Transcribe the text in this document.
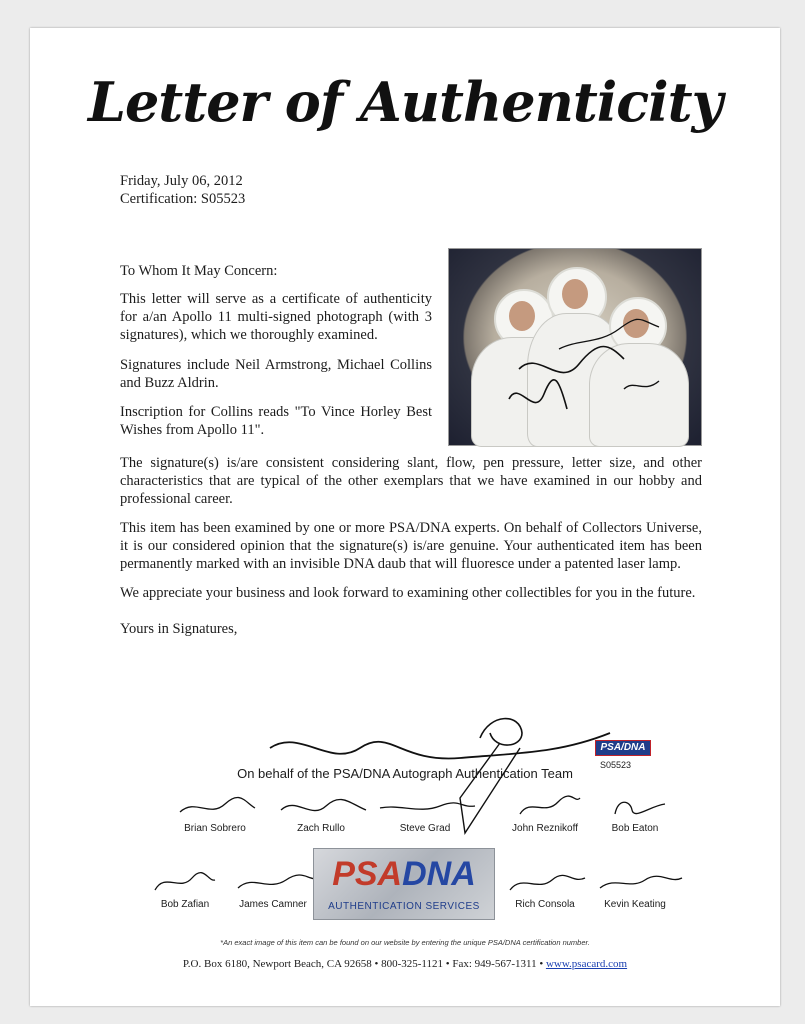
Letter of Authenticity
Friday, July 06, 2012
Certification: S05523
To Whom It May Concern:
This letter will serve as a certificate of authenticity for a/an Apollo 11 multi-signed photograph (with 3 signatures), which we thoroughly examined.
Signatures include Neil Armstrong, Michael Collins and Buzz Aldrin.
Inscription for Collins reads "To Vince Horley Best Wishes from Apollo 11".
The signature(s) is/are consistent considering slant, flow, pen pressure, letter size, and other characteristics that are typical of the other exemplars that we have examined in our hobby and professional career.
This item has been examined by one or more PSA/DNA experts. On behalf of Collectors Universe, it is our considered opinion that the signature(s) is/are genuine. Your authenticated item has been permanently marked with an invisible DNA daub that will fluoresce under a patented laser lamp.
We appreciate your business and look forward to examining other collectibles for you in the future.
Yours in Signatures,
On behalf of the PSA/DNA Autograph Authentication Team
PSA/DNA
S05523
Brian Sobrero	Zach Rullo	Steve Grad	John Reznikoff	Bob Eaton
Bob Zafian	James Camner	Rich Consola	Kevin Keating
PSADNA
AUTHENTICATION SERVICES
*An exact image of this item can be found on our website by entering the unique PSA/DNA certification number.
P.O. Box 6180, Newport Beach, CA 92658 • 800-325-1121 • Fax: 949-567-1311 • www.psacard.com
